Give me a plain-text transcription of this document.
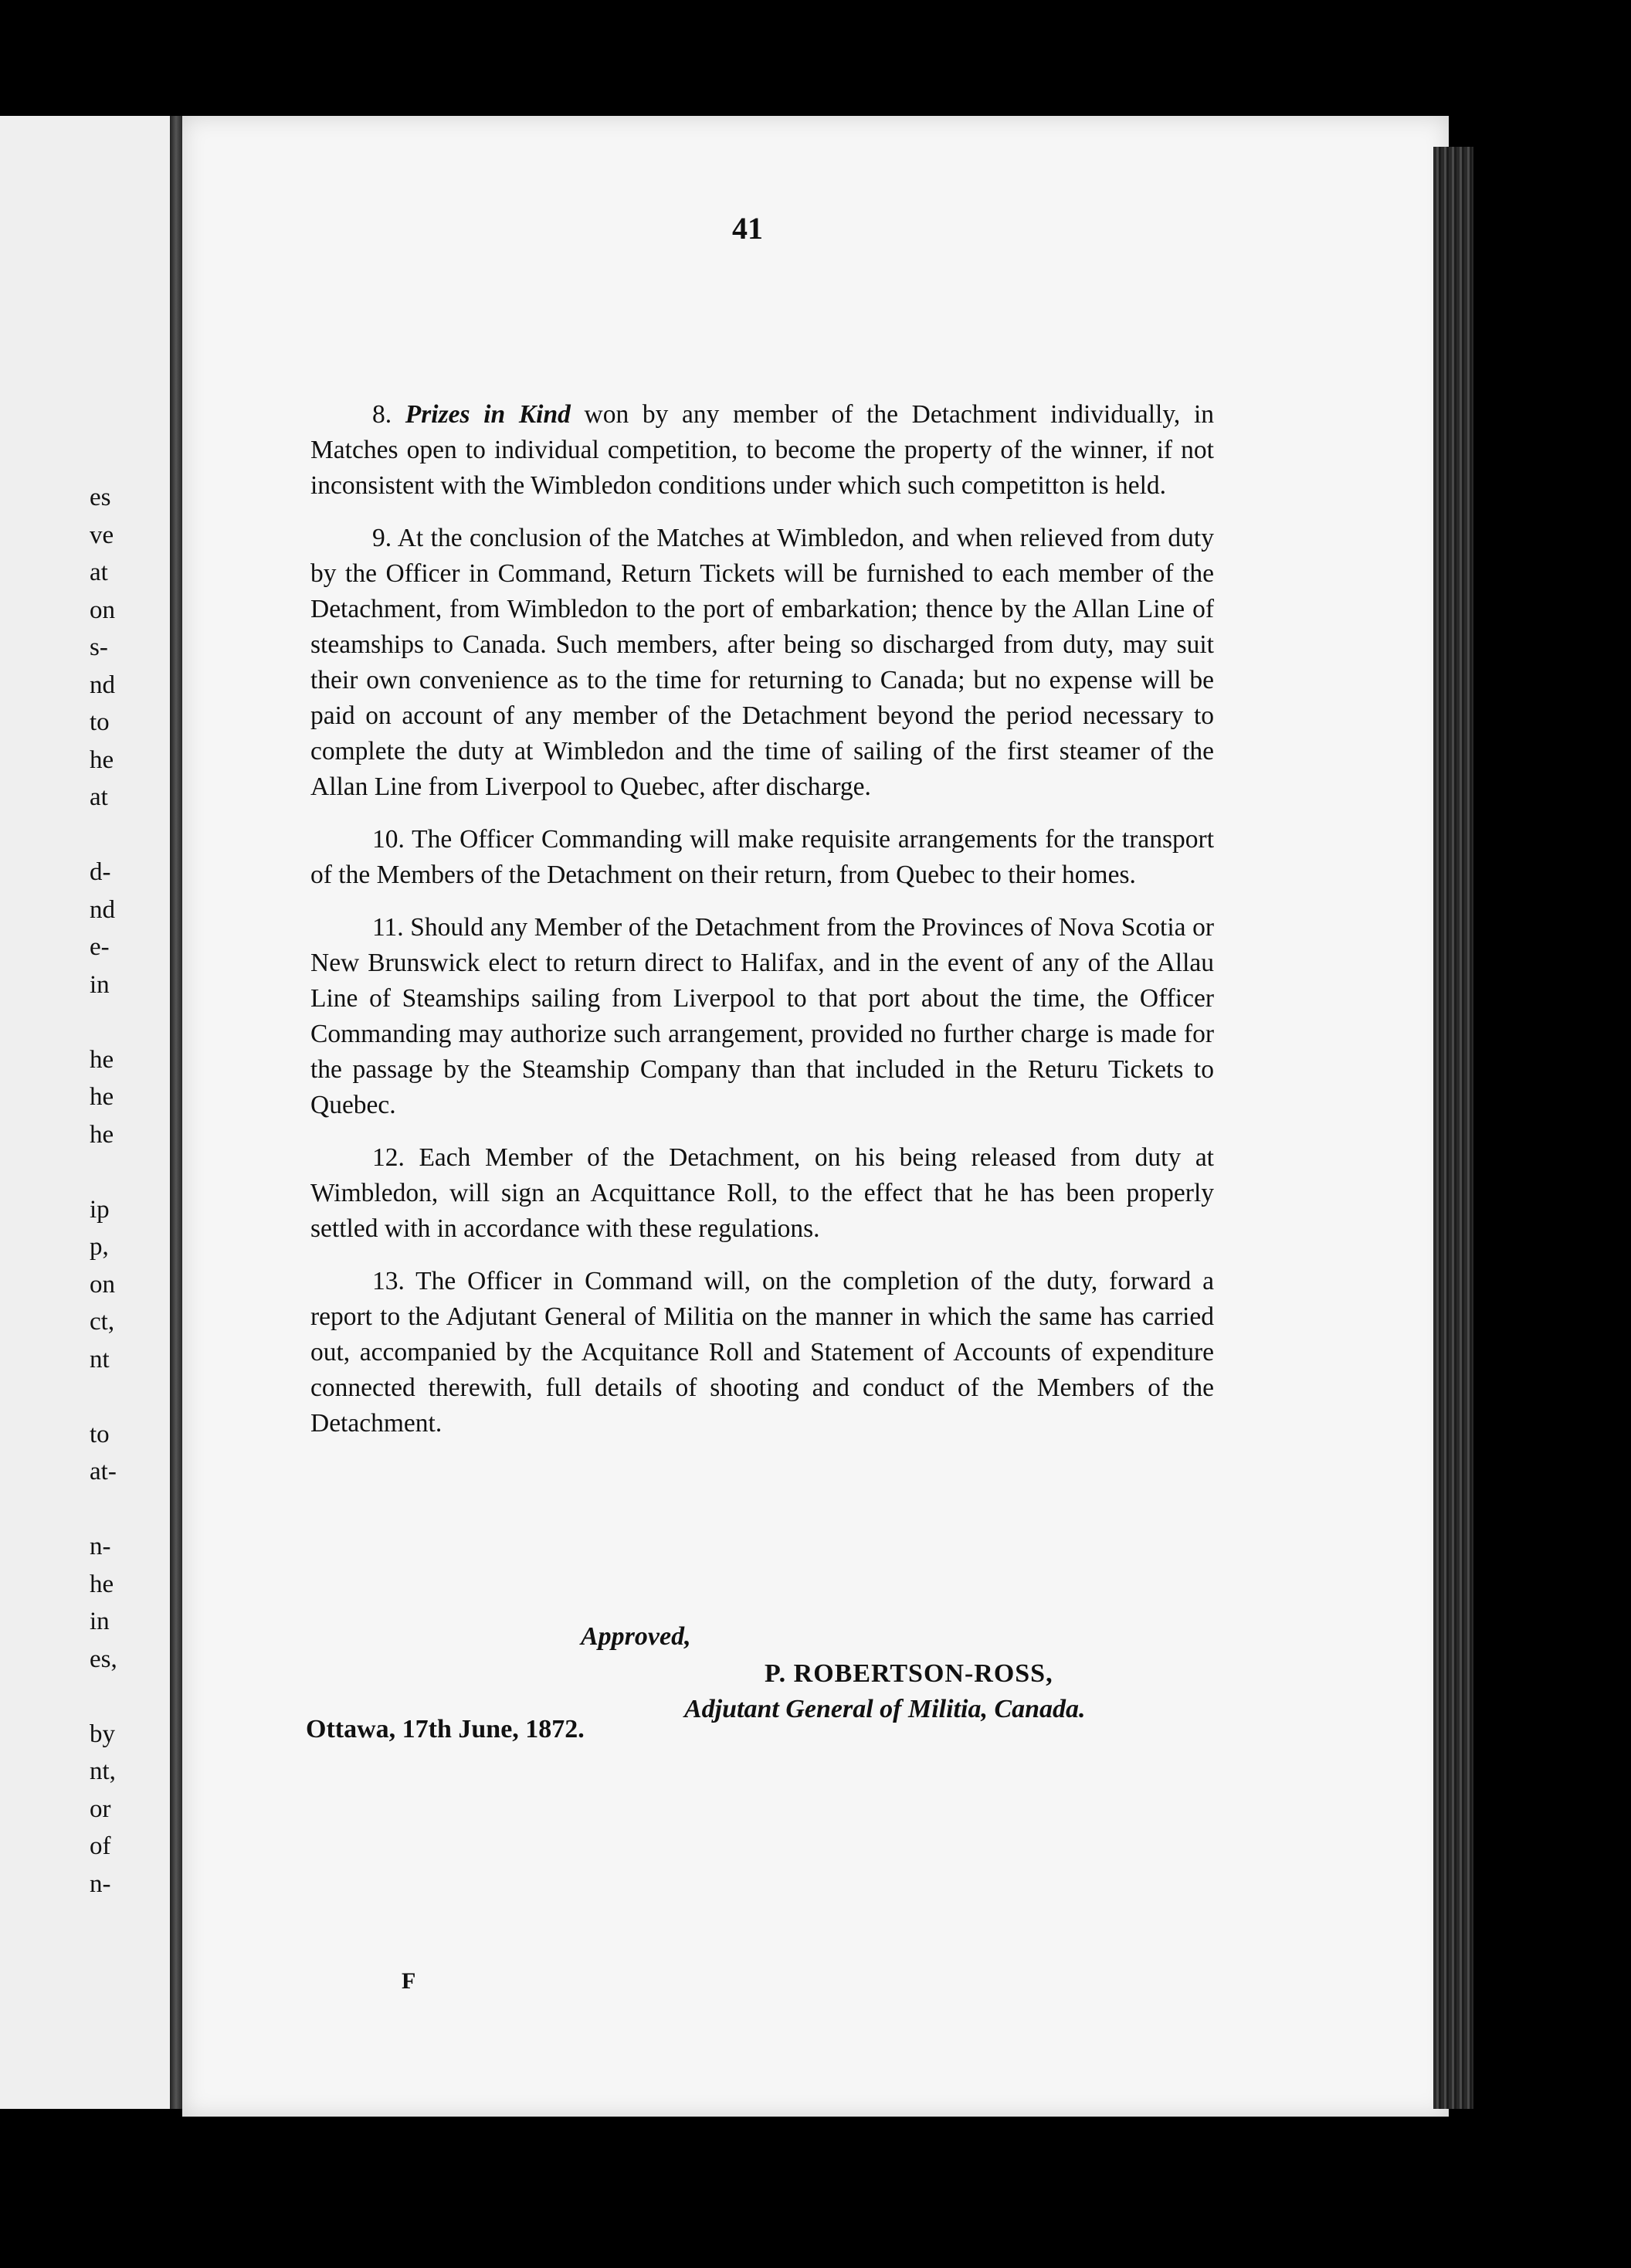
es
ve
at
on
s-
nd
to
he
at
d-
nd
e-
in
he
he
he
ip
p,
on
ct,
nt
to
at-
n-
he
in
es,
by
nt,
or
of
n-
41

8. Prizes in Kind won by any member of the Detachment individually, in Matches open to individual competition, to become the property of the winner, if not inconsistent with the Wimbledon conditions under which such competitton is held.

9. At the conclusion of the Matches at Wimbledon, and when relieved from duty by the Officer in Command, Return Tickets will be furnished to each member of the Detachment, from Wimbledon to the port of embarkation; thence by the Allan Line of steamships to Canada. Such members, after being so discharged from duty, may suit their own convenience as to the time for returning to Canada; but no expense will be paid on account of any member of the Detachment beyond the period necessary to complete the duty at Wimbledon and the time of sailing of the first steamer of the Allan Line from Liverpool to Quebec, after discharge.

10. The Officer Commanding will make requisite arrangements for the transport of the Members of the Detachment on their return, from Quebec to their homes.

11. Should any Member of the Detachment from the Provinces of Nova Scotia or New Brunswick elect to return direct to Halifax, and in the event of any of the Allau Line of Steamships sailing from Liverpool to that port about the time, the Officer Commanding may authorize such arrangement, provided no further charge is made for the passage by the Steamship Company than that included in the Returu Tickets to Quebec.

12. Each Member of the Detachment, on his being released from duty at Wimbledon, will sign an Acquittance Roll, to the effect that he has been properly settled with in accordance with these regulations.

13. The Officer in Command will, on the completion of the duty, forward a report to the Adjutant General of Militia on the manner in which the same has carried out, accompanied by the Acquitance Roll and Statement of Accounts of expenditure connected therewith, full details of shooting and conduct of the Members of the Detachment.

Approved,
P. ROBERTSON-ROSS,
Adjutant General of Militia, Canada.
Ottawa, 17th June, 1872.
F
